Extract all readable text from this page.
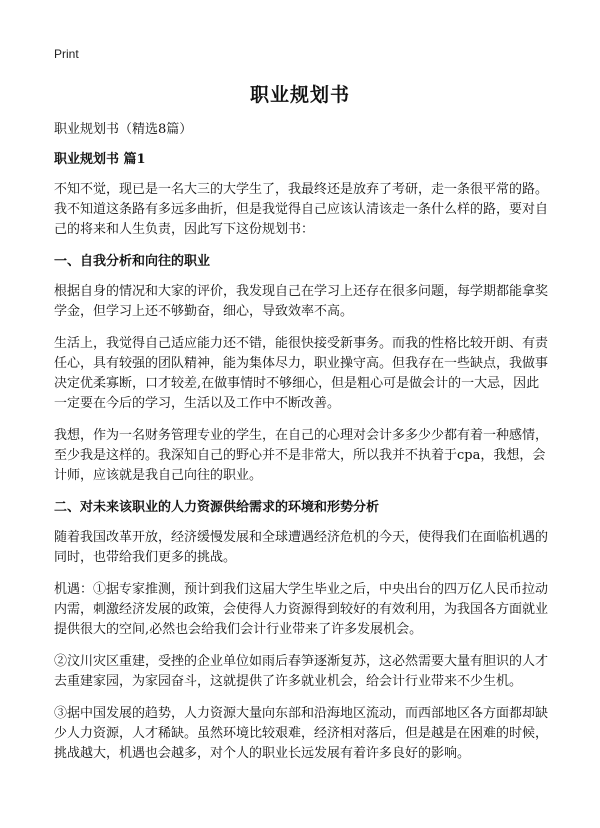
Print
职业规划书

职业规划书（精选8篇）

职业规划书 篇1

不知不觉，现已是一名大三的大学生了，我最终还是放弃了考研，走一条很平常的路。我不知道这条路有多远多曲折，但是我觉得自己应该认清该走一条什么样的路，要对自己的将来和人生负责，因此写下这份规划书：

一、自我分析和向往的职业

根据自身的情况和大家的评价，我发现自己在学习上还存在很多问题，每学期都能拿奖学金，但学习上还不够勤奋，细心，导致效率不高。

生活上，我觉得自己适应能力还不错，能很快接受新事务。而我的性格比较开朗、有责任心，具有较强的团队精神，能为集体尽力，职业操守高。但我存在一些缺点，我做事决定优柔寡断，口才较差,在做事情时不够细心，但是粗心可是做会计的一大忌，因此一定要在今后的学习，生活以及工作中不断改善。

我想，作为一名财务管理专业的学生，在自己的心理对会计多多少少都有着一种感情，至少我是这样的。我深知自己的野心并不是非常大，所以我并不执着于cpa，我想，会计师，应该就是我自己向往的职业。

二、对未来该职业的人力资源供给需求的环境和形势分析

随着我国改革开放，经济缓慢发展和全球遭遇经济危机的今天，使得我们在面临机遇的同时，也带给我们更多的挑战。

机遇：①据专家推测，预计到我们这届大学生毕业之后，中央出台的四万亿人民币拉动内需，刺激经济发展的政策，会使得人力资源得到较好的有效利用，为我国各方面就业提供很大的空间,必然也会给我们会计行业带来了许多发展机会。

②汶川灾区重建，受挫的企业单位如雨后春笋逐渐复苏，这必然需要大量有胆识的人才去重建家园，为家园奋斗，这就提供了许多就业机会，给会计行业带来不少生机。

③据中国发展的趋势，人力资源大量向东部和沿海地区流动，而西部地区各方面都却缺少人力资源，人才稀缺。虽然环境比较艰难，经济相对落后，但是越是在困难的时候，挑战越大，机遇也会越多，对个人的职业长远发展有着许多良好的影响。
